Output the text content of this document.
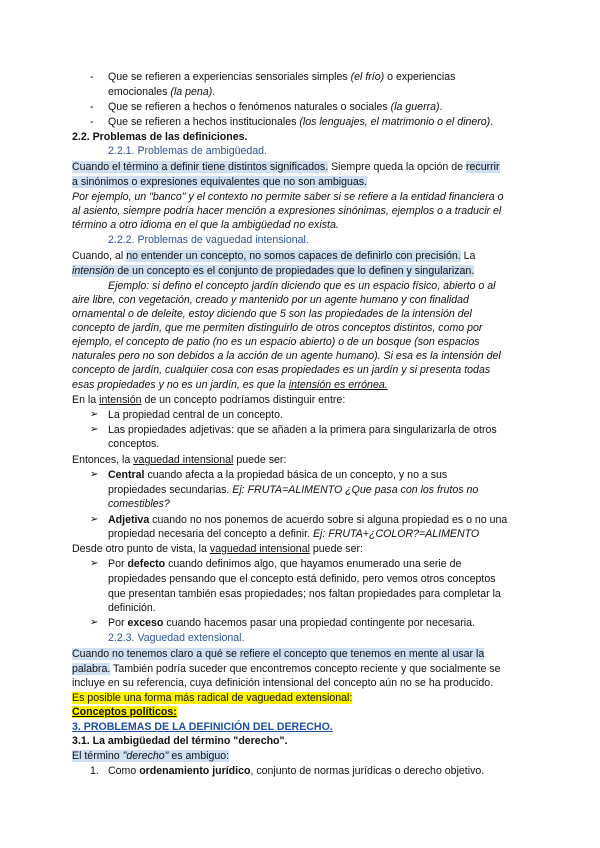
- Que se refieren a experiencias sensoriales simples (el frío) o experiencias
emocionales (la pena).
- Que se refieren a hechos o fenómenos naturales o sociales (la guerra).
- Que se refieren a hechos institucionales (los lenguajes, el matrimonio o el dinero).
2.2. Problemas de las definiciones.
2.2.1. Problemas de ambigüedad.
Cuando el término a definir tiene distintos significados. Siempre queda la opción de recurrir
a sinónimos o expresiones equivalentes que no son ambiguas.
Por ejemplo, un "banco" y el contexto no permite saber si se refiere a la entidad financiera o
al asiento, siempre podría hacer mención a expresiones sinónimas, ejemplos o a traducir el
término a otro idioma en el que la ambigüedad no exista.
2.2.2. Problemas de vaguedad intensional.
Cuando, al no entender un concepto, no somos capaces de definirlo con precisión. La
intensión de un concepto es el conjunto de propiedades que lo definen y singularizan.
Ejemplo: si defino el concepto jardín diciendo que es un espacio físico, abierto o al
aire libre, con vegetación, creado y mantenido por un agente humano y con finalidad
ornamental o de deleite, estoy diciendo que 5 son las propiedades de la intensión del
concepto de jardín, que me permiten distinguirlo de otros conceptos distintos, como por
ejemplo, el concepto de patio (no es un espacio abierto) o de un bosque (son espacios
naturales pero no son debidos a la acción de un agente humano). Si esa es la intensión del
concepto de jardín, cualquier cosa con esas propiedades es un jardín y si presenta todas
esas propiedades y no es un jardín, es que la intensión es errónea.
En la intensión de un concepto podríamos distinguir entre:
➢ La propiedad central de un concepto.
➢ Las propiedades adjetivas: que se añaden a la primera para singularizarla de otros
conceptos.
Entonces, la vaguedad intensional puede ser:
➢ Central cuando afecta a la propiedad básica de un concepto, y no a sus
propiedades secundarias. Ej: FRUTA=ALIMENTO ¿Que pasa con los frutos no
comestibles?
➢ Adjetiva cuando no nos ponemos de acuerdo sobre si alguna propiedad es o no una
propiedad necesaria del concepto a definir. Ej: FRUTA+¿COLOR?=ALIMENTO
Desde otro punto de vista, la vaguedad intensional puede ser:
➢ Por defecto cuando definimos algo, que hayamos enumerado una serie de
propiedades pensando que el concepto está definido, pero vemos otros conceptos
que presentan también esas propiedades; nos faltan propiedades para completar la
definición.
➢ Por exceso cuando hacemos pasar una propiedad contingente por necesaria.
2.2.3. Vaguedad extensional.
Cuando no tenemos claro a qué se refiere el concepto que tenemos en mente al usar la
palabra. También podría suceder que encontremos concepto reciente y que socialmente se
incluye en su referencia, cuya definición intensional del concepto aún no se ha producido.
Es posible una forma más radical de vaguedad extensional:
Conceptos políticos:
3. PROBLEMAS DE LA DEFINICIÓN DEL DERECHO.
3.1. La ambigüedad del término "derecho".
El término "derecho" es ambiguo:
1. Como ordenamiento jurídico, conjunto de normas jurídicas o derecho objetivo.
